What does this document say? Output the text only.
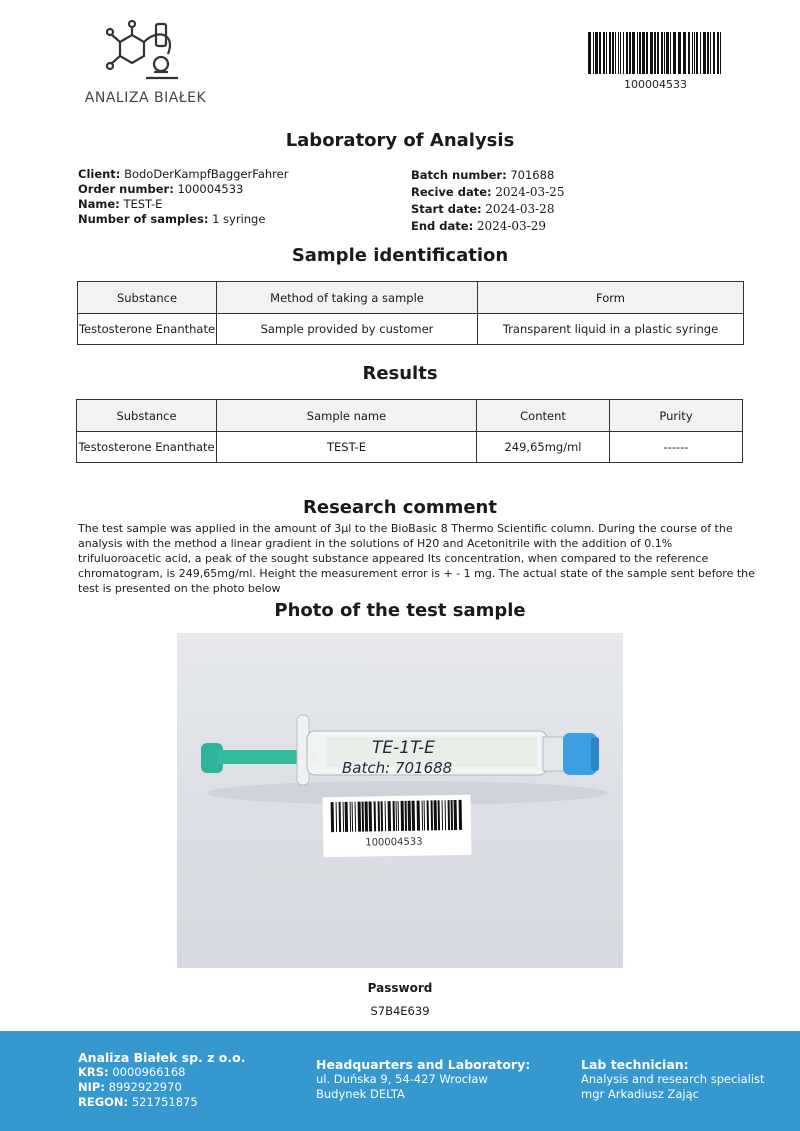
ANALIZA BIAŁEK
100004533
Laboratory of Analysis
Client: BodoDerKampfBaggerFahrer
Order number: 100004533
Name: TEST-E
Number of samples: 1 syringe
Batch number: 701688
Recive date: 2024-03-25
Start date: 2024-03-28
End date: 2024-03-29
Sample identification
Substance	Method of taking a sample	Form
Testosterone Enanthate	Sample provided by customer	Transparent liquid in a plastic syringe
Results
Substance	Sample name	Content	Purity
Testosterone Enanthate	TEST-E	249,65mg/ml	------
Research comment

The test sample was applied in the amount of 3µl to the BioBasic 8 Thermo Scientific column. During the course of the analysis with the method a linear gradient in the solutions of H20 and Acetonitrile with the addition of 0.1% trifuluoroacetic acid, a peak of the sought substance appeared Its concentration, when compared to the reference chromatogram, is 249,65mg/ml. Height the measurement error is + - 1 mg. The actual state of the sample sent before the test is presented on the photo below

Photo of the test sample
TE-1T-E
Batch: 701688
100004533
Password
S7B4E639
Analiza Białek sp. z o.o.
KRS: 0000966168
NIP: 8992922970
REGON: 521751875
Headquarters and Laboratory:
ul. Duńska 9, 54-427 Wrocław
Budynek DELTA
Lab technician:
Analysis and research specialist
mgr Arkadiusz Zając
